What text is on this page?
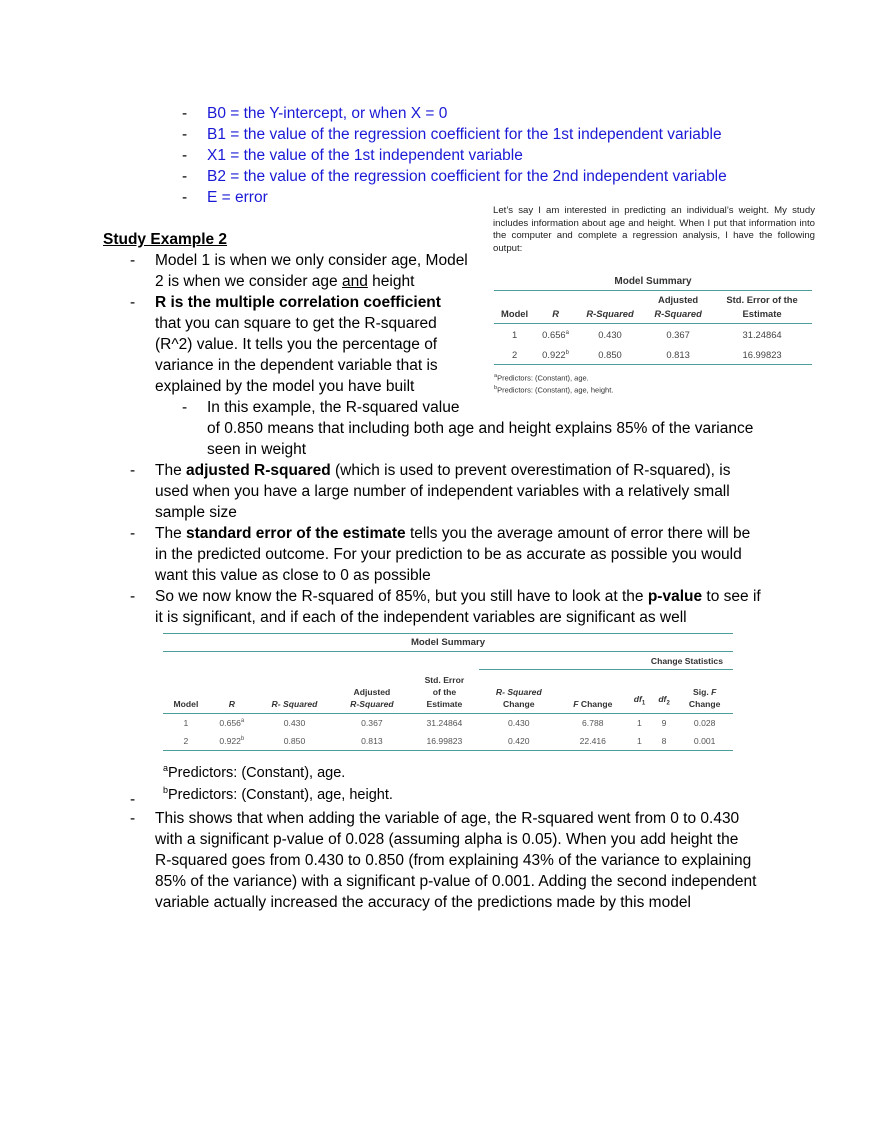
- B0 = the Y-intercept, or when X = 0
- B1 = the value of the regression coefficient for the 1st independent variable
- X1 = the value of the 1st independent variable
- B2 = the value of the regression coefficient for the 2nd independent variable
- E = error
Let’s say I am interested in predicting an individual’s weight. My study includes information about age and height. When I put that information into the computer and complete a regression analysis, I have the following output:
Study Example 2
- Model 1 is when we only consider age, Model
2 is when we consider age and height
- R is the multiple correlation coefficient
that you can square to get the R-squared
(R^2) value. It tells you the percentage of
variance in the dependent variable that is
explained by the model you have built
- In this example, the R-squared value
of 0.850 means that including both age and height explains 85% of the variance
seen in weight
- The adjusted R-squared (which is used to prevent overestimation of R-squared), is
used when you have a large number of independent variables with a relatively small
sample size
- The standard error of the estimate tells you the average amount of error there will be
in the predicted outcome. For your prediction to be as accurate as possible you would
want this value as close to 0 as possible
- So we now know the R-squared of 85%, but you still have to look at the p-value to see if
it is significant, and if each of the independent variables are significant as well
Model Summary				
Model	R	R-Squared	Adjusted
R-Squared	Std. Error of the
Estimate
1	0.656$^a$	0.430	0.367	31.24864
2	0.922$^b$	0.850	0.813	16.99823
$^a$Predictors: (Constant), age.
$^b$Predictors: (Constant), age, height.
Model Summary									
					Change Statistics				
Model	R	R- Squared	Adjusted
R-Squared	Std. Error
of the
Estimate	R- Squared
Change	F Change	$df_1$	$df_2$	Sig. F
Change
1	0.656$^a$	0.430	0.367	31.24864	0.430	6.788	1	9	0.028
2	0.922$^b$	0.850	0.813	16.99823	0.420	22.416	1	8	0.001
$^a$Predictors: (Constant), age.
$^b$Predictors: (Constant), age, height.
-
- This shows that when adding the variable of age, the R-squared went from 0 to 0.430
with a significant p-value of 0.028 (assuming alpha is 0.05). When you add height the
R-squared goes from 0.430 to 0.850 (from explaining 43% of the variance to explaining
85% of the variance) with a significant p-value of 0.001. Adding the second independent
variable actually increased the accuracy of the predictions made by this model
